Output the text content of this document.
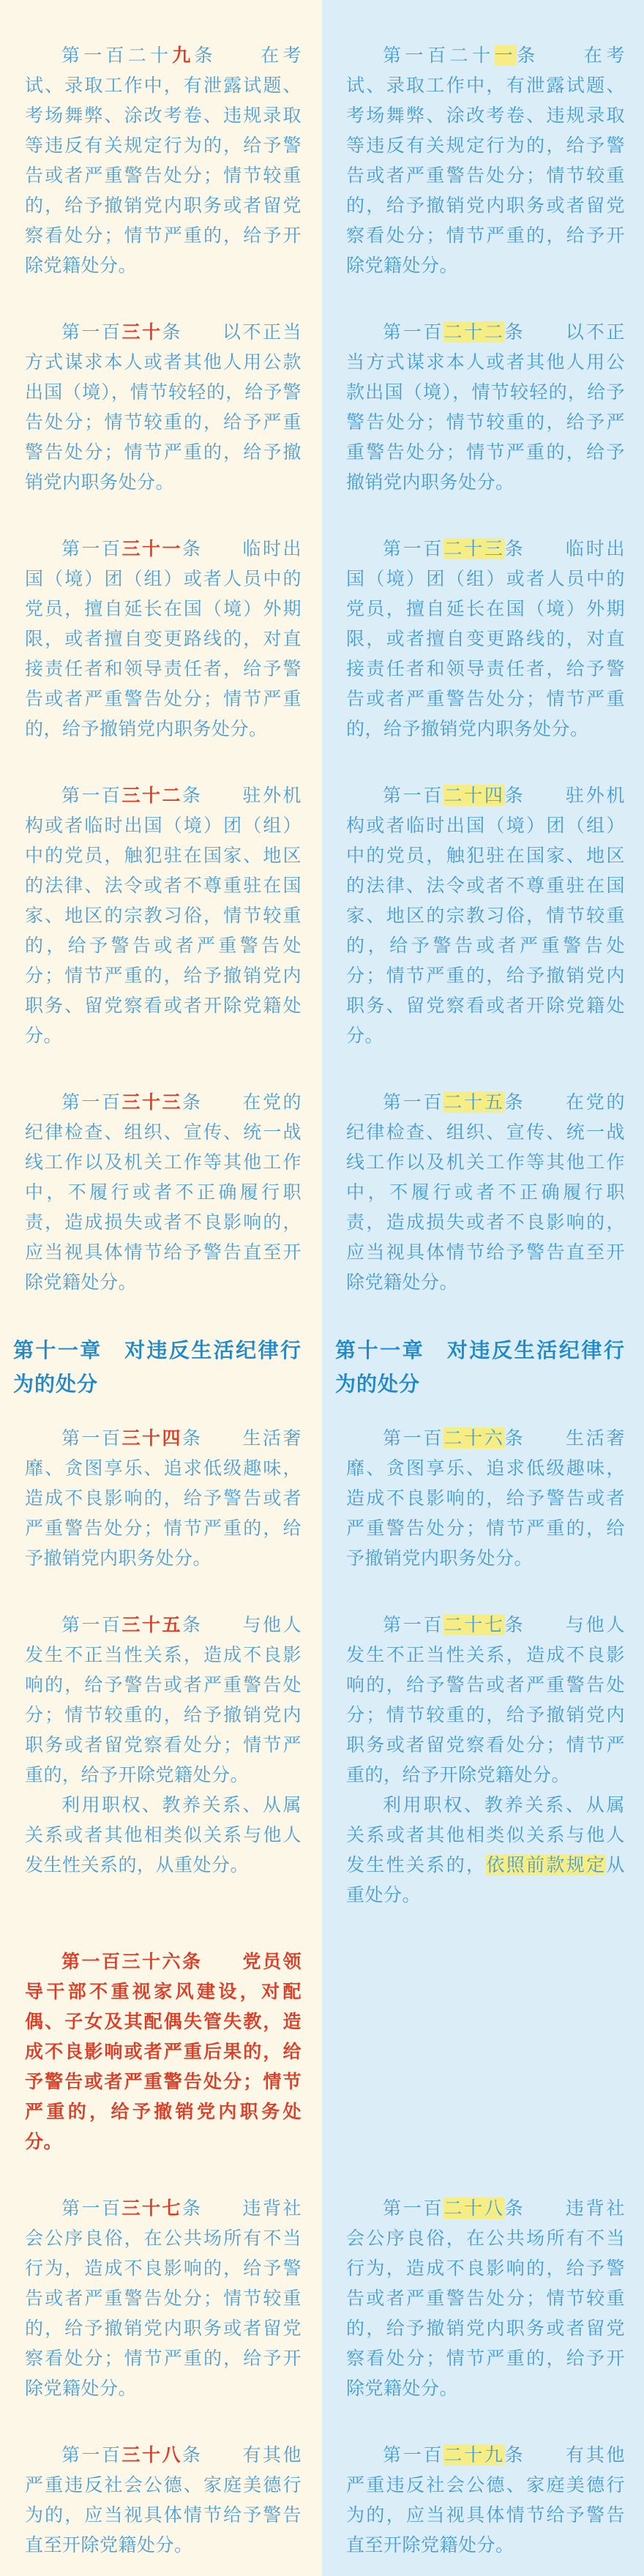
第一百二十九条　　在考试、录取工作中，有泄露试题、考场舞弊、涂改考卷、违规录取等违反有关规定行为的，给予警告或者严重警告处分；情节较重的，给予撤销党内职务或者留党察看处分；情节严重的，给予开除党籍处分。

第一百二十一条　　在考试、录取工作中，有泄露试题、考场舞弊、涂改考卷、违规录取等违反有关规定行为的，给予警告或者严重警告处分；情节较重的，给予撤销党内职务或者留党察看处分；情节严重的，给予开除党籍处分。

第一百三十条　　以不正当方式谋求本人或者其他人用公款出国（境），情节较轻的，给予警告处分；情节较重的，给予严重警告处分；情节严重的，给予撤销党内职务处分。

第一百二十二条　　以不正当方式谋求本人或者其他人用公款出国（境），情节较轻的，给予警告处分；情节较重的，给予严重警告处分；情节严重的，给予撤销党内职务处分。

第一百三十一条　　临时出国（境）团（组）或者人员中的党员，擅自延长在国（境）外期限，或者擅自变更路线的，对直接责任者和领导责任者，给予警告或者严重警告处分；情节严重的，给予撤销党内职务处分。

第一百二十三条　　临时出国（境）团（组）或者人员中的党员，擅自延长在国（境）外期限，或者擅自变更路线的，对直接责任者和领导责任者，给予警告或者严重警告处分；情节严重的，给予撤销党内职务处分。

第一百三十二条　　驻外机构或者临时出国（境）团（组）中的党员，触犯驻在国家、地区的法律、法令或者不尊重驻在国家、地区的宗教习俗，情节较重的，给予警告或者严重警告处分；情节严重的，给予撤销党内职务、留党察看或者开除党籍处分。

第一百二十四条　　驻外机构或者临时出国（境）团（组）中的党员，触犯驻在国家、地区的法律、法令或者不尊重驻在国家、地区的宗教习俗，情节较重的，给予警告或者严重警告处分；情节严重的，给予撤销党内职务、留党察看或者开除党籍处分。

第一百三十三条　　在党的纪律检查、组织、宣传、统一战线工作以及机关工作等其他工作中，不履行或者不正确履行职责，造成损失或者不良影响的，应当视具体情节给予警告直至开除党籍处分。

第一百二十五条　　在党的纪律检查、组织、宣传、统一战线工作以及机关工作等其他工作中，不履行或者不正确履行职责，造成损失或者不良影响的，应当视具体情节给予警告直至开除党籍处分。

第十一章　对违反生活纪律行为的处分
第十一章　对违反生活纪律行为的处分

第一百三十四条　　生活奢靡、贪图享乐、追求低级趣味，造成不良影响的，给予警告或者严重警告处分；情节严重的，给予撤销党内职务处分。

第一百二十六条　　生活奢靡、贪图享乐、追求低级趣味，造成不良影响的，给予警告或者严重警告处分；情节严重的，给予撤销党内职务处分。

第一百三十五条　　与他人发生不正当性关系，造成不良影响的，给予警告或者严重警告处分；情节较重的，给予撤销党内职务或者留党察看处分；情节严重的，给予开除党籍处分。

利用职权、教养关系、从属关系或者其他相类似关系与他人发生性关系的，从重处分。

第一百二十七条　　与他人发生不正当性关系，造成不良影响的，给予警告或者严重警告处分；情节较重的，给予撤销党内职务或者留党察看处分；情节严重的，给予开除党籍处分。

利用职权、教养关系、从属关系或者其他相类似关系与他人发生性关系的，依照前款规定从重处分。

第一百三十六条　　党员领导干部不重视家风建设，对配偶、子女及其配偶失管失教，造成不良影响或者严重后果的，给予警告或者严重警告处分；情节严重的，给予撤销党内职务处分。

第一百三十七条　　违背社会公序良俗，在公共场所有不当行为，造成不良影响的，给予警告或者严重警告处分；情节较重的，给予撤销党内职务或者留党察看处分；情节严重的，给予开除党籍处分。

第一百二十八条　　违背社会公序良俗，在公共场所有不当行为，造成不良影响的，给予警告或者严重警告处分；情节较重的，给予撤销党内职务或者留党察看处分；情节严重的，给予开除党籍处分。

第一百三十八条　　有其他严重违反社会公德、家庭美德行为的，应当视具体情节给予警告直至开除党籍处分。

第一百二十九条　　有其他严重违反社会公德、家庭美德行为的，应当视具体情节给予警告直至开除党籍处分。
